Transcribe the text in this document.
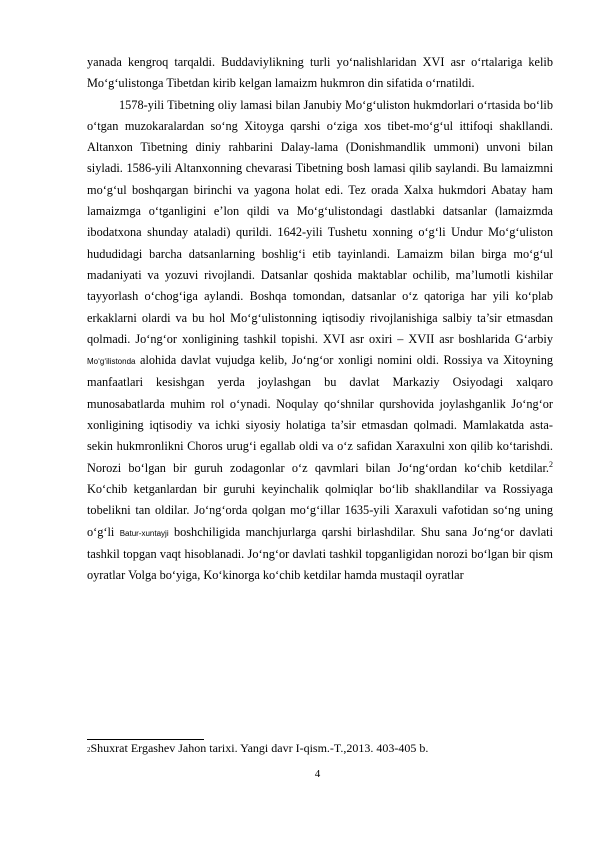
yanada kengroq tarqaldi. Buddaviylikning turli yo‘nalishlaridan XVI asr o‘rtalariga kelib Mo‘g‘ulistonga Tibetdan kirib kelgan lamaizm hukmron din sifatida o‘rnatildi.

1578-yili Tibetning oliy lamasi bilan Janubiy Mo‘g‘uliston hukmdorlari o‘rtasida bo‘lib o‘tgan muzokaralardan so‘ng Xitoyga qarshi o‘ziga xos tibet-mo‘g‘ul ittifoqi shakllandi. Altanxon Tibetning diniy rahbarini Dalay-lama (Donishmandlik ummoni) unvoni bilan siyladi. 1586-yili Altanxonning chevarasi Tibetning bosh lamasi qilib saylandi. Bu lamaizmni mo‘g‘ul boshqargan birinchi va yagona holat edi. Tez orada Xalxa hukmdori Abatay ham lamaizmga o‘tganligini e’lon qildi va Mo‘g‘ulistondagi dastlabki datsanlar (lamaizmda ibodatxona shunday ataladi) qurildi. 1642-yili Tushetu xonning o‘g‘li Undur Mo‘g‘uliston hududidagi barcha datsanlarning boshlig‘i etib tayinlandi. Lamaizm bilan birga mo‘g‘ul madaniyati va yozuvi rivojlandi. Datsanlar qoshida maktablar ochilib, ma’lumotli kishilar tayyorlash o‘chog‘iga aylandi. Boshqa tomondan, datsanlar o‘z qatoriga har yili ko‘plab erkaklarni olardi va bu hol Mo‘g‘ulistonning iqtisodiy rivojlanishiga salbiy ta’sir etmasdan qolmadi. Jo‘ng‘or xonligining tashkil topishi. XVI asr oxiri – XVII asr boshlarida G‘arbiy Mo‘g‘ilistonda alohida davlat vujudga kelib, Jo‘ng‘or xonligi nomini oldi. Rossiya va Xitoyning manfaatlari kesishgan yerda joylashgan bu davlat Markaziy Osiyodagi xalqaro munosabatlarda muhim rol o‘ynadi. Noqulay qo‘shnilar qurshovida joylashganlik Jo‘ng‘or xonligining iqtisodiy va ichki siyosiy holatiga ta’sir etmasdan qolmadi. Mamlakatda asta-sekin hukmronlikni Choros urug‘i egallab oldi va o‘z safidan Xaraxulni xon qilib ko‘tarishdi. Norozi bo‘lgan bir guruh zodagonlar o‘z qavmlari bilan Jo‘ng‘ordan ko‘chib ketdilar.$^2$ Ko‘chib ketganlardan bir guruhi keyinchalik qolmiqlar bo‘lib shakllandilar va Rossiyaga tobelikni tan oldilar. Jo‘ng‘orda qolgan mo‘g‘illar 1635-yili Xaraxuli vafotidan so‘ng uning o‘g‘li Batur-xuntayji boshchiligida manchjurlarga qarshi birlashdilar. Shu sana Jo‘ng‘or davlati tashkil topgan vaqt hisoblanadi. Jo‘ng‘or davlati tashkil topganligidan norozi bo‘lgan bir qism oyratlar Volga bo‘yiga, Ko‘kinorga ko‘chib ketdilar hamda mustaqil oyratlar

2Shuxrat Ergashev Jahon tarixi. Yangi davr I-qism.-T.,2013. 403-405 b.
4
